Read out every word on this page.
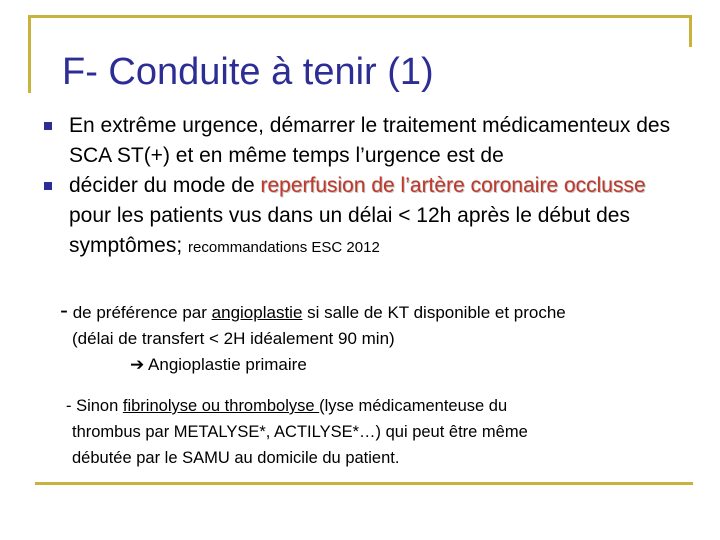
F- Conduite à tenir (1)
En extrême urgence, démarrer le traitement médicamenteux des SCA ST(+) et en même temps l’urgence est de
décider du mode de reperfusion de l’artère coronaire occlusse pour les patients vus dans un délai < 12h après le début des symptômes; recommandations ESC 2012
- de préférence par angioplastie si salle de KT disponible et proche
(délai de transfert < 2H idéalement 90 min)
➔ Angioplastie primaire
- Sinon fibrinolyse ou thrombolyse (lyse médicamenteuse du
thrombus par METALYSE*, ACTILYSE*…) qui peut être même
débutée par le SAMU au domicile du patient.
